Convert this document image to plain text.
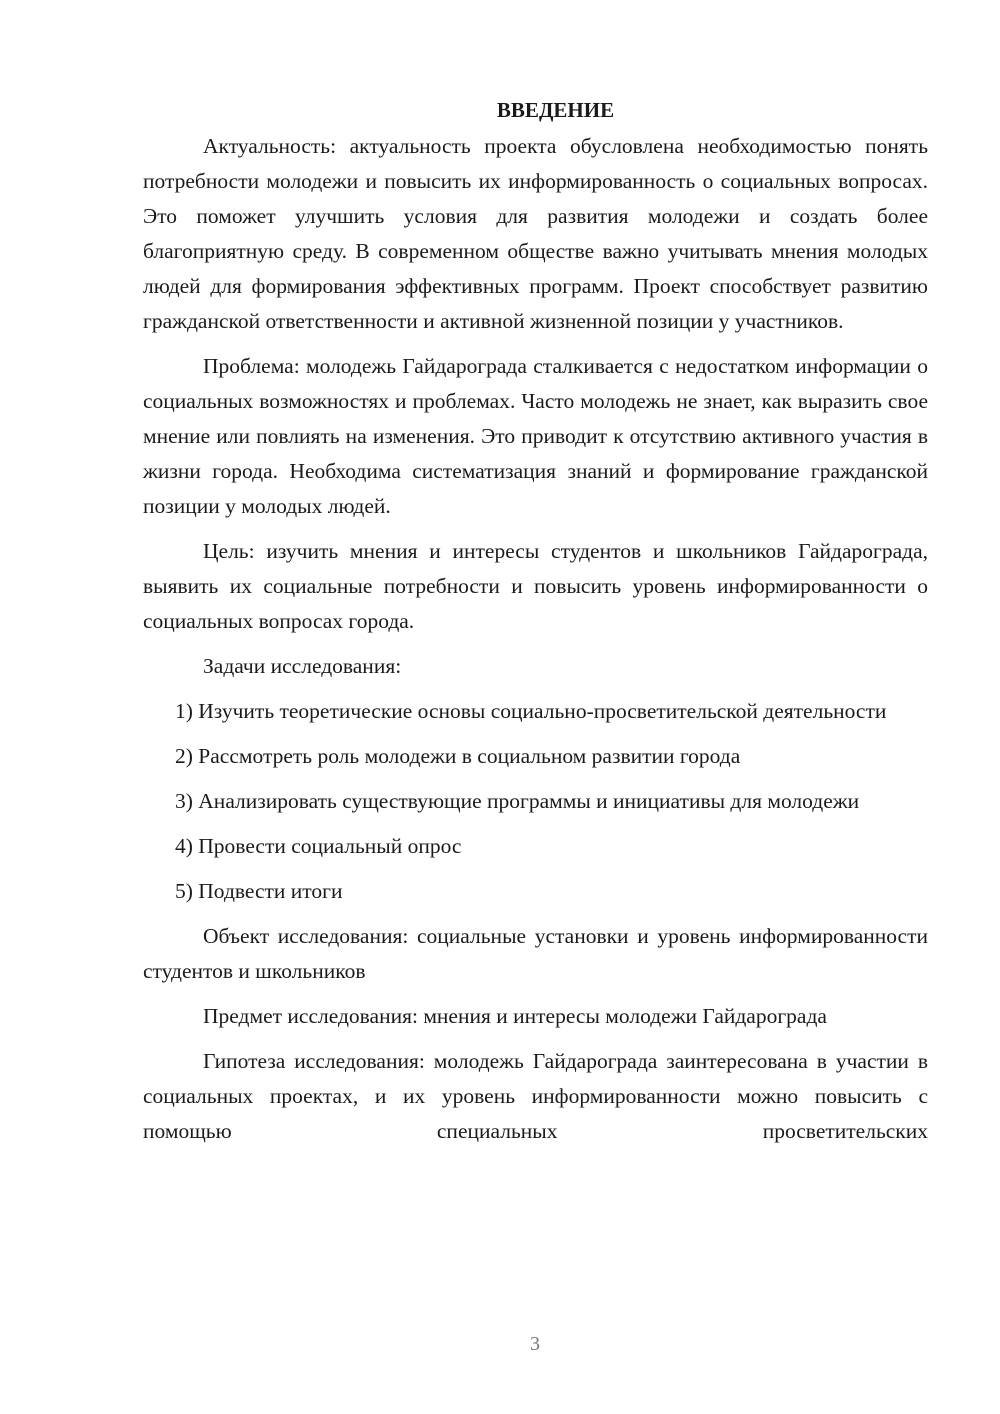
ВВЕДЕНИЕ

Актуальность: актуальность проекта обусловлена необходимостью понять потребности молодежи и повысить их информированность о социальных вопросах. Это поможет улучшить условия для развития молодежи и создать более благоприятную среду. В современном обществе важно учитывать мнения молодых людей для формирования эффективных программ. Проект способствует развитию гражданской ответственности и активной жизненной позиции у участников.

Проблема: молодежь Гайдарограда сталкивается с недостатком информации о социальных возможностях и проблемах. Часто молодежь не знает, как выразить свое мнение или повлиять на изменения. Это приводит к отсутствию активного участия в жизни города. Необходима систематизация знаний и формирование гражданской позиции у молодых людей.

Цель: изучить мнения и интересы студентов и школьников Гайдарограда, выявить их социальные потребности и повысить уровень информированности о социальных вопросах города.

Задачи исследования:

1) Изучить теоретические основы социально-просветительской деятельности

2) Рассмотреть роль молодежи в социальном развитии города

3) Анализировать существующие программы и инициативы для молодежи

4) Провести социальный опрос

5) Подвести итоги

Объект исследования: социальные установки и уровень информированности студентов и школьников

Предмет исследования: мнения и интересы молодежи Гайдарограда

Гипотеза исследования: молодежь Гайдарограда заинтересована в участии в социальных проектах, и их уровень информированности можно повысить с помощью специальных просветительских

3
